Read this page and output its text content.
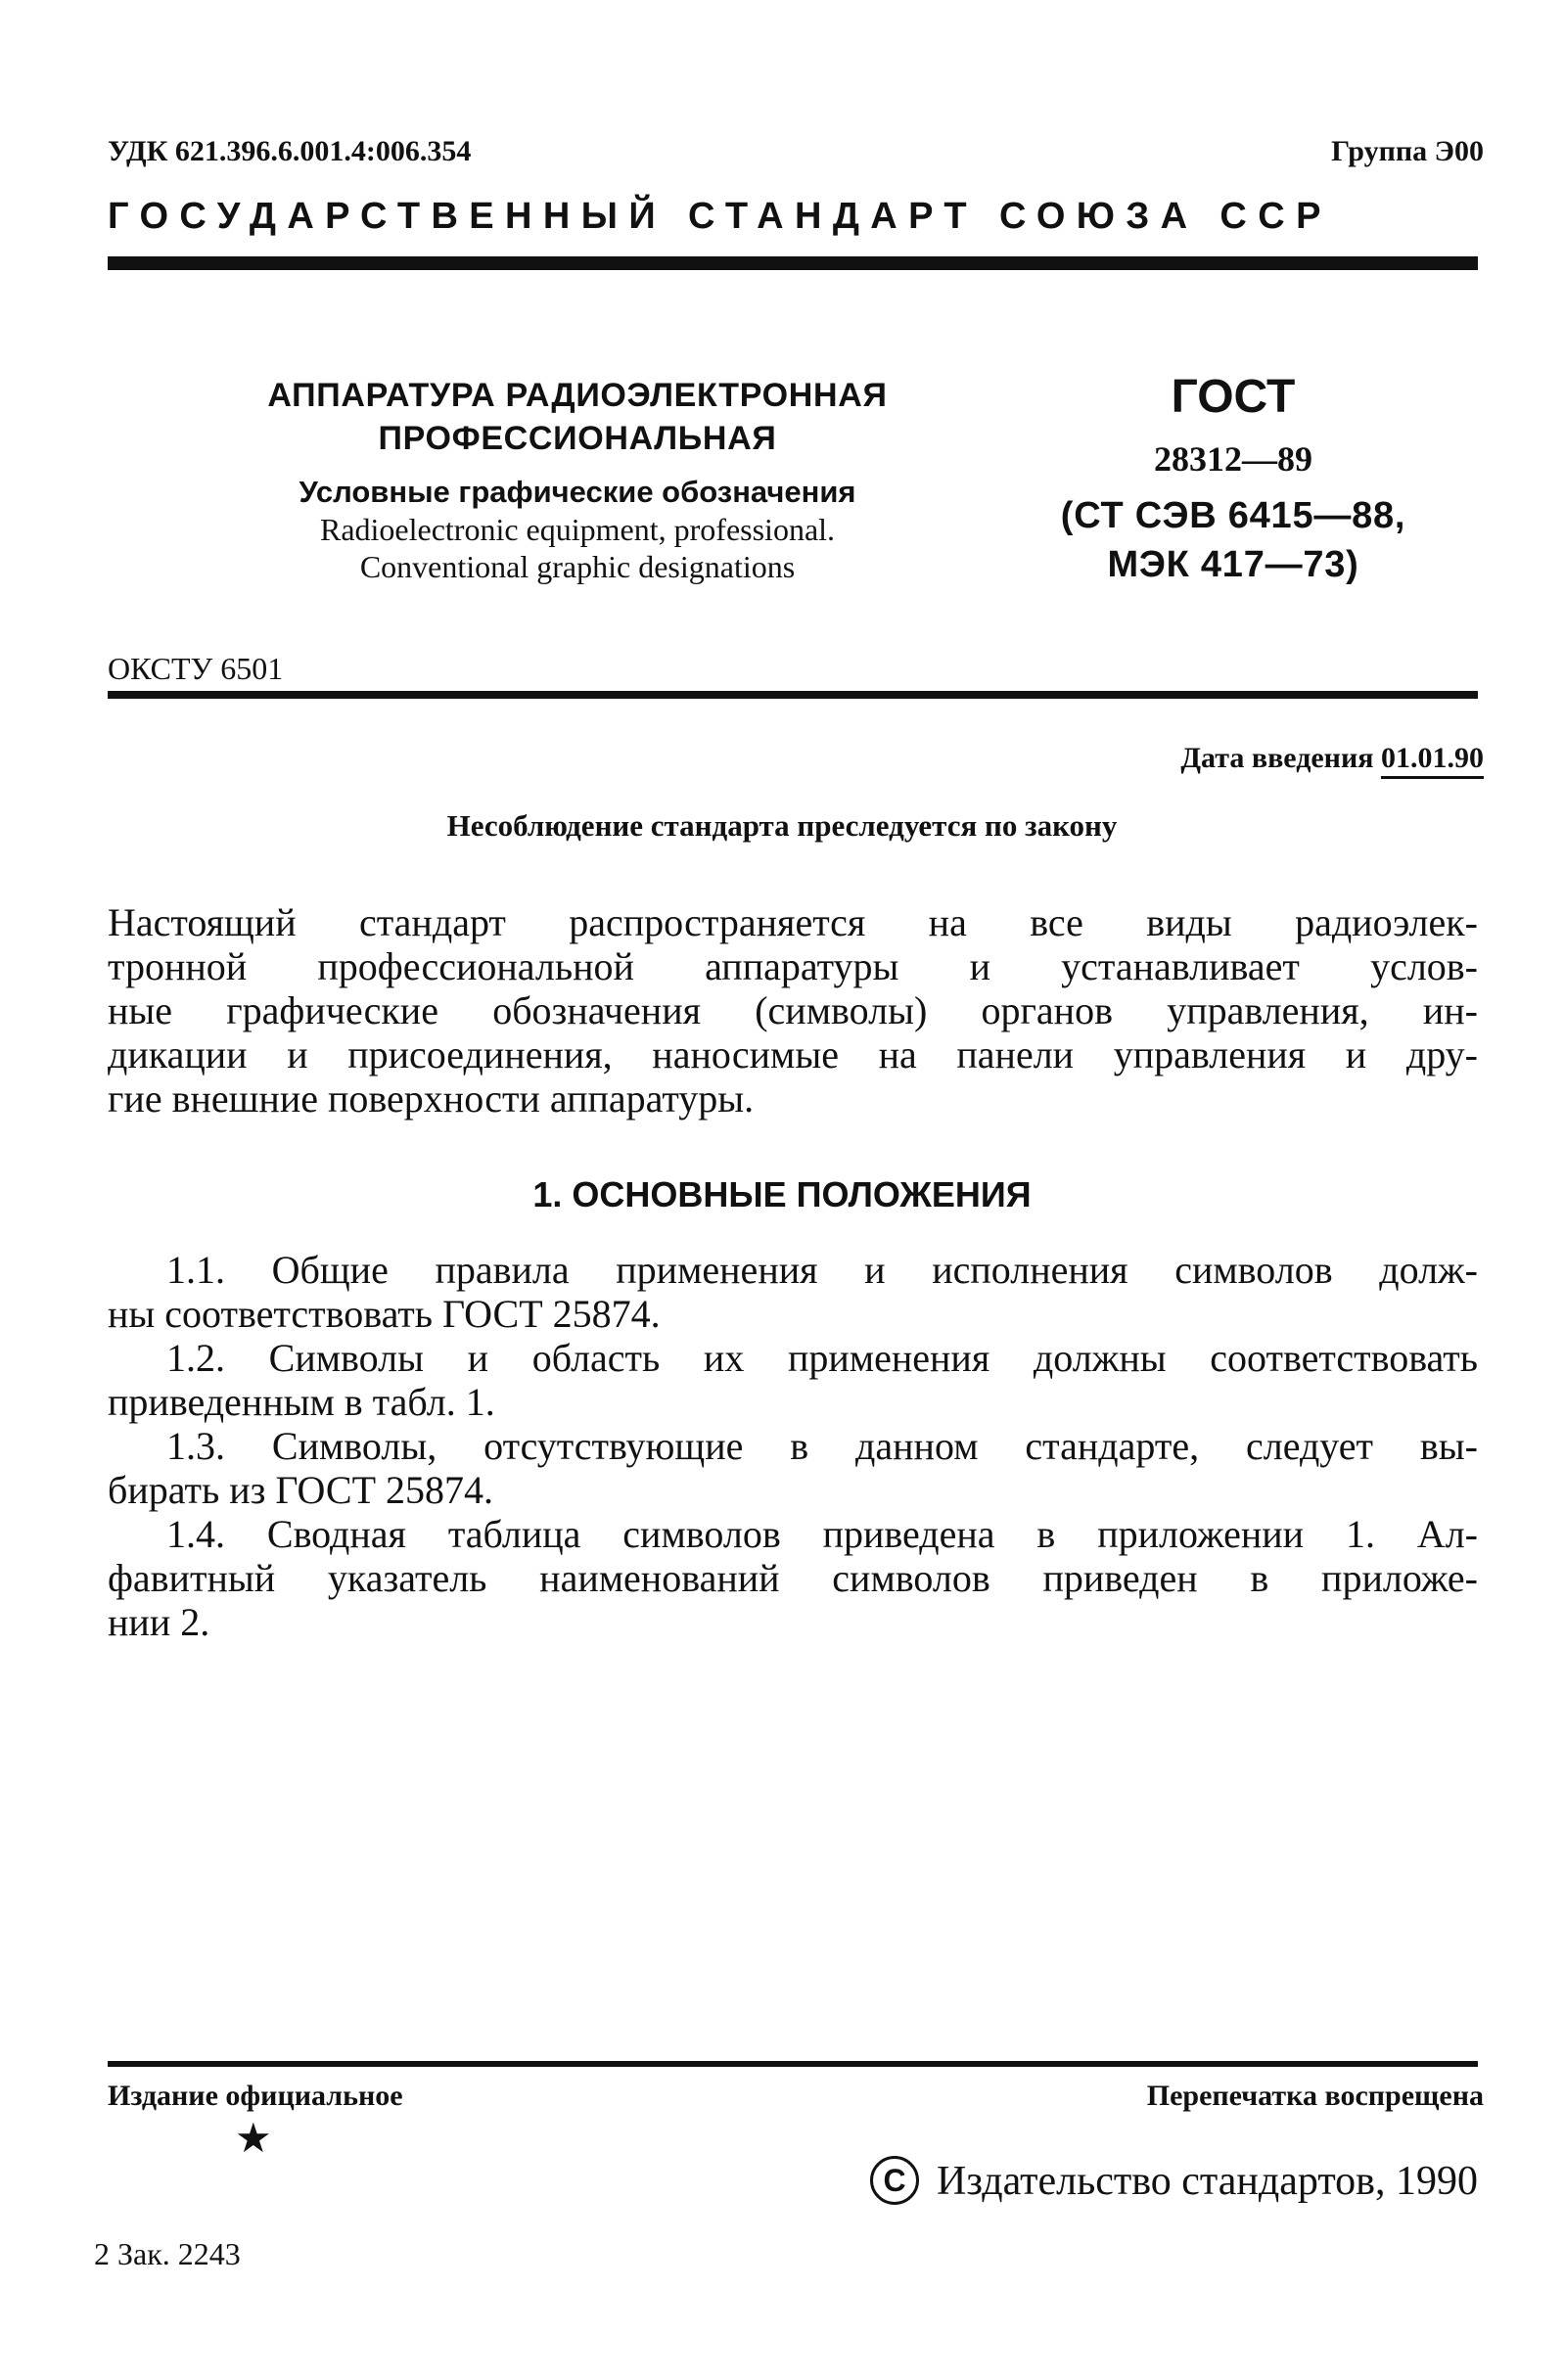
УДК 621.396.6.001.4:006.354	Группа Э00
ГОСУДАРСТВЕННЫЙ СТАНДАРТ СОЮЗА ССР
АППАРАТУРА РАДИОЭЛЕКТРОННАЯ
ПРОФЕССИОНАЛЬНАЯ
Условные графические обозначения
Radioelectronic equipment, professional.
Conventional graphic designations
ГОСТ
28312—89
(СТ СЭВ 6415—88,
МЭК 417—73)
ОКСТУ 6501
Дата введения 01.01.90
Несоблюдение стандарта преследуется по закону
Настоящий стандарт распространяется на все виды радиоэлек-
тронной профессиональной аппаратуры и устанавливает услов-
ные графические обозначения (символы) органов управления, ин-
дикации и присоединения, наносимые на панели управления и дру-
гие внешние поверхности аппаратуры.
1. ОСНОВНЫЕ ПОЛОЖЕНИЯ
1.1. Общие правила применения и исполнения символов долж-
ны соответствовать ГОСТ 25874.
1.2. Символы и область их применения должны соответствовать
приведенным в табл. 1.
1.3. Символы, отсутствующие в данном стандарте, следует вы-
бирать из ГОСТ 25874.
1.4. Сводная таблица символов приведена в приложении 1. Ал-
фавитный указатель наименований символов приведен в приложе-
нии 2.
Издание официальное	Перепечатка воспрещена
★
C Издательство стандартов, 1990
2 Зак. 2243
